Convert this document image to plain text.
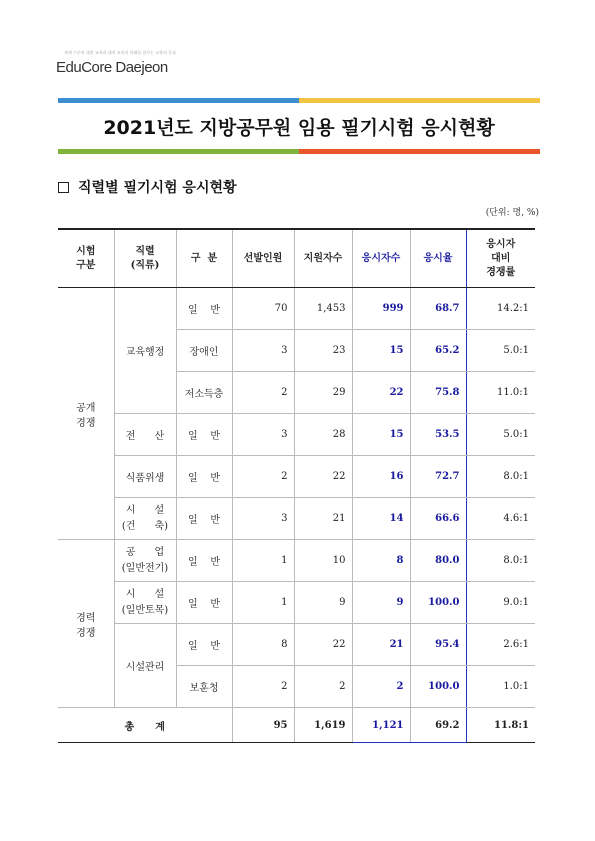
세계 수준의 대전 교육과 대전 교육의 미래를 꿈꾸는 교육의 중심
EduCore Daejeon
2021년도 지방공무원 임용 필기시험 응시현황
직렬별 필기시험 응시현황
(단위: 명, %)
시험
구분	직렬
(직류)	구  분	선발인원	지원자수	응시자수	응시율	응시자
대비
경쟁률
공개
경쟁	교육행정	일    반	70	1,453	999	68.7	14.2:1
		장애인	3	23	15	65.2	5.0:1
		저소득층	2	29	22	75.8	11.0:1
	전      산	일    반	3	28	15	53.5	5.0:1
	식품위생	일    반	2	22	16	72.7	8.0:1
	시      설
(건      축)	일    반	3	21	14	66.6	4.6:1
경력
경쟁	공      업
(일반전기)	일    반	1	10	8	80.0	8.0:1
	시      설
(일반토목)	일    반	1	9	9	100.0	9.0:1
	시설관리	일    반	8	22	21	95.4	2.6:1
		보훈청	2	2	2	100.0	1.0:1
총      계			95	1,619	1,121	69.2	11.8:1
